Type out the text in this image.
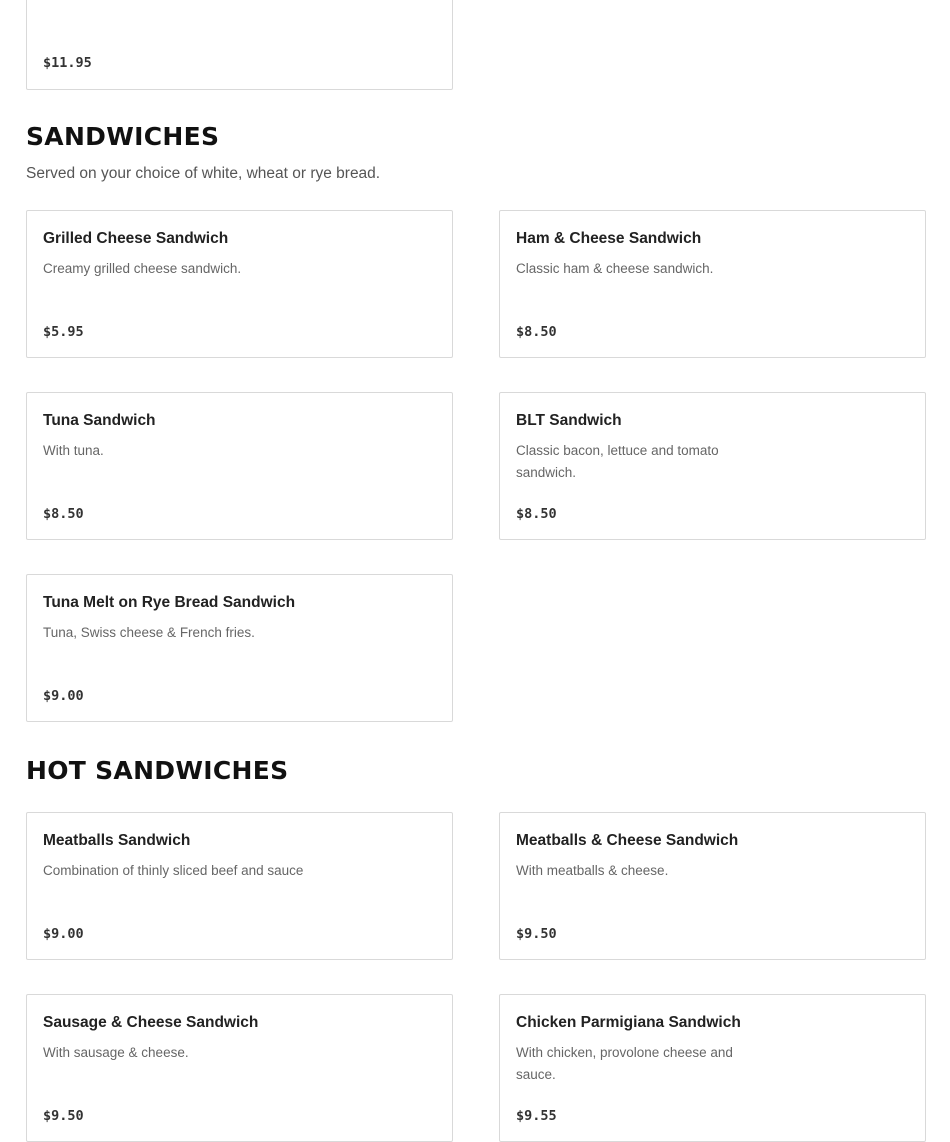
$11.95
SANDWICHES
Served on your choice of white, wheat or rye bread.
Grilled Cheese Sandwich
Creamy grilled cheese sandwich.
$5.95
Ham & Cheese Sandwich
Classic ham & cheese sandwich.
$8.50
Tuna Sandwich
With tuna.
$8.50
BLT Sandwich
Classic bacon, lettuce and tomato sandwich.
$8.50
Tuna Melt on Rye Bread Sandwich
Tuna, Swiss cheese & French fries.
$9.00
HOT SANDWICHES
Meatballs Sandwich
Combination of thinly sliced beef and sauce
$9.00
Meatballs & Cheese Sandwich
With meatballs & cheese.
$9.50
Sausage & Cheese Sandwich
With sausage & cheese.
$9.50
Chicken Parmigiana Sandwich
With chicken, provolone cheese and sauce.
$9.55
